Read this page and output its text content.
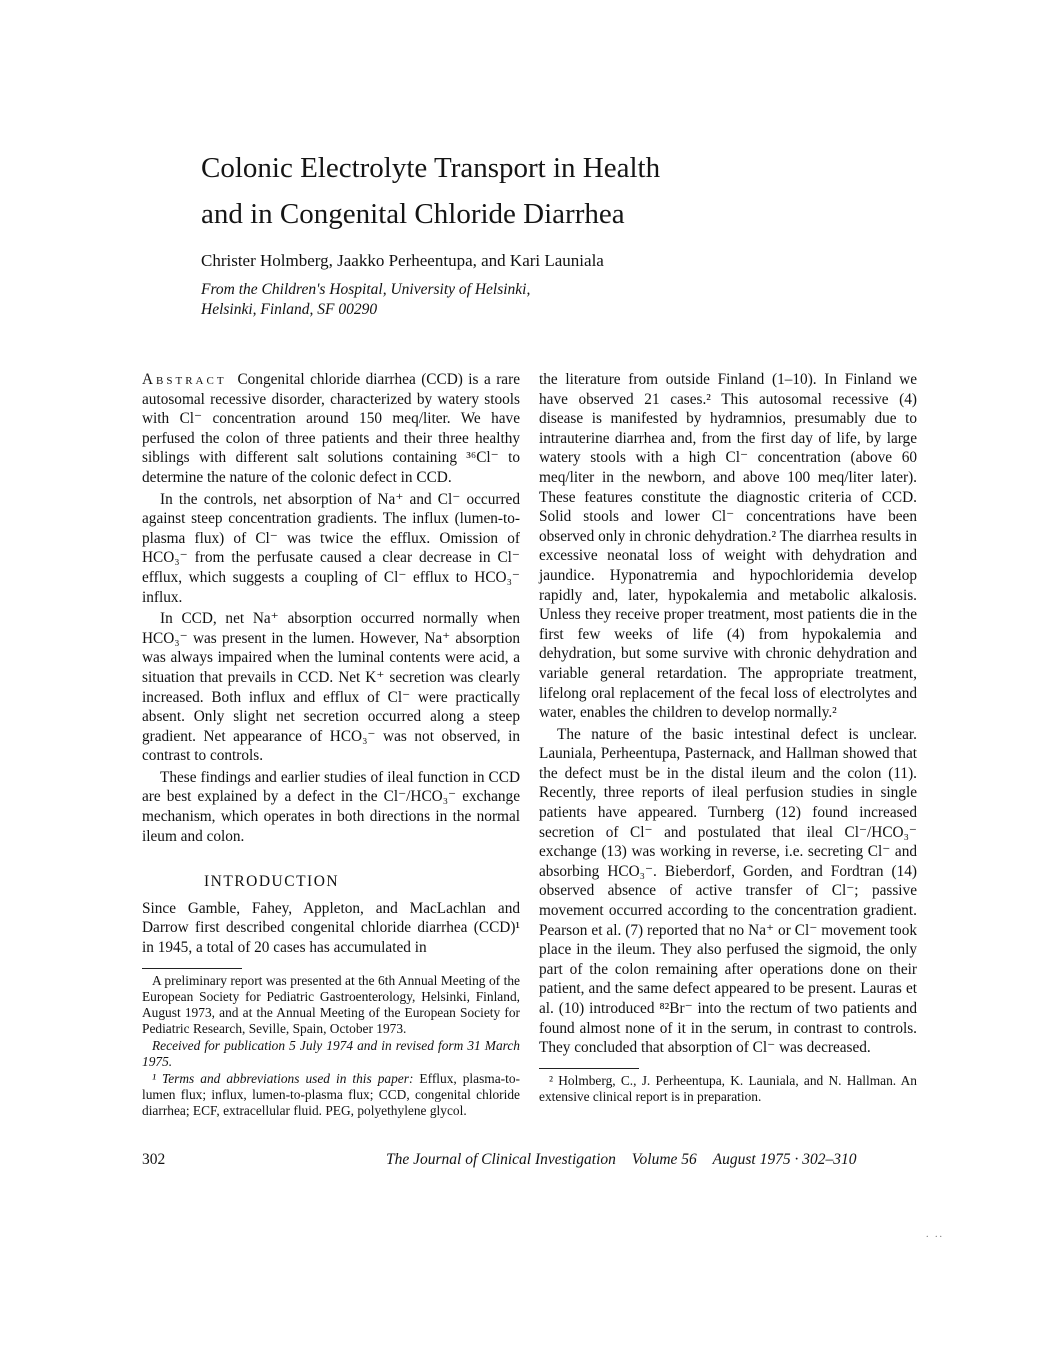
Colonic Electrolyte Transport in Health
and in Congenital Chloride Diarrhea
Christer Holmberg, Jaakko Perheentupa, and Kari Launiala
From the Children's Hospital, University of Helsinki,
Helsinki, Finland, SF 00290

Abstract Congenital chloride diarrhea (CCD) is a rare autosomal recessive disorder, characterized by watery stools with Cl⁻ concentration around 150 meq/liter. We have perfused the colon of three patients and their three healthy siblings with different salt solutions containing ³⁶Cl⁻ to determine the nature of the colonic defect in CCD.

In the controls, net absorption of Na⁺ and Cl⁻ occurred against steep concentration gradients. The influx (lumen-to-plasma flux) of Cl⁻ was twice the efflux. Omission of HCO₃⁻ from the perfusate caused a clear decrease in Cl⁻ efflux, which suggests a coupling of Cl⁻ efflux to HCO₃⁻ influx.

In CCD, net Na⁺ absorption occurred normally when HCO₃⁻ was present in the lumen. However, Na⁺ absorption was always impaired when the luminal contents were acid, a situation that prevails in CCD. Net K⁺ secretion was clearly increased. Both influx and efflux of Cl⁻ were practically absent. Only slight net secretion occurred along a steep gradient. Net appearance of HCO₃⁻ was not observed, in contrast to controls.

These findings and earlier studies of ileal function in CCD are best explained by a defect in the Cl⁻/HCO₃⁻ exchange mechanism, which operates in both directions in the normal ileum and colon.

INTRODUCTION

Since Gamble, Fahey, Appleton, and MacLachlan and Darrow first described congenital chloride diarrhea (CCD)¹ in 1945, a total of 20 cases has accumulated in

A preliminary report was presented at the 6th Annual Meeting of the European Society for Pediatric Gastroenterology, Helsinki, Finland, August 1973, and at the Annual Meeting of the European Society for Pediatric Research, Seville, Spain, October 1973.

Received for publication 5 July 1974 and in revised form 31 March 1975.

¹ Terms and abbreviations used in this paper: Efflux, plasma-to-lumen flux; influx, lumen-to-plasma flux; CCD, congenital chloride diarrhea; ECF, extracellular fluid. PEG, polyethylene glycol.

the literature from outside Finland (1–10). In Finland we have observed 21 cases.² This autosomal recessive (4) disease is manifested by hydramnios, presumably due to intrauterine diarrhea and, from the first day of life, by large watery stools with a high Cl⁻ concentration (above 60 meq/liter in the newborn, and above 100 meq/liter later). These features constitute the diagnostic criteria of CCD. Solid stools and lower Cl⁻ concentrations have been observed only in chronic dehydration.² The diarrhea results in excessive neonatal loss of weight with dehydration and jaundice. Hyponatremia and hypochloridemia develop rapidly and, later, hypokalemia and metabolic alkalosis. Unless they receive proper treatment, most patients die in the first few weeks of life (4) from hypokalemia and dehydration, but some survive with chronic dehydration and variable general retardation. The appropriate treatment, lifelong oral replacement of the fecal loss of electrolytes and water, enables the children to develop normally.²

The nature of the basic intestinal defect is unclear. Launiala, Perheentupa, Pasternack, and Hallman showed that the defect must be in the distal ileum and the colon (11). Recently, three reports of ileal perfusion studies in single patients have appeared. Turnberg (12) found increased secretion of Cl⁻ and postulated that ileal Cl⁻/HCO₃⁻ exchange (13) was working in reverse, i.e. secreting Cl⁻ and absorbing HCO₃⁻. Bieberdorf, Gorden, and Fordtran (14) observed absence of active transfer of Cl⁻; passive movement occurred according to the concentration gradient. Pearson et al. (7) reported that no Na⁺ or Cl⁻ movement took place in the ileum. They also perfused the sigmoid, the only part of the colon remaining after operations done on their patient, and the same defect appeared to be present. Lauras et al. (10) introduced ⁸²Br⁻ into the rectum of two patients and found almost none of it in the serum, in contrast to controls. They concluded that absorption of Cl⁻ was decreased.

² Holmberg, C., J. Perheentupa, K. Launiala, and N. Hallman. An extensive clinical report is in preparation.

302	The Journal of Clinical Investigation Volume 56 August 1975 · 302–310
. ..
